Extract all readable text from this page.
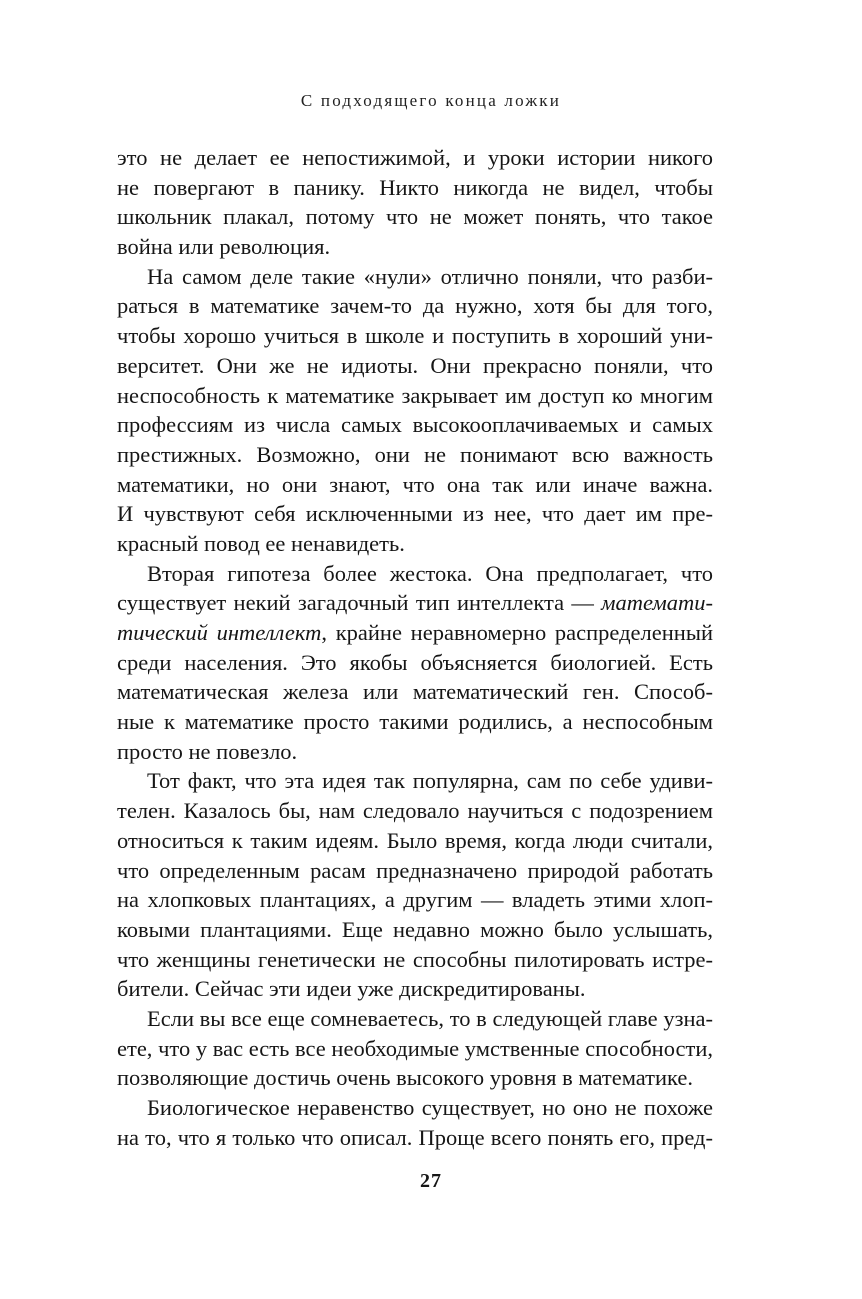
С подходящего конца ложки

это не делает ее непостижимой, и уроки истории никого
не повергают в панику. Никто никогда не видел, чтобы
школьник плакал, потому что не может понять, что такое
война или революция.

На самом деле такие «нули» отлично поняли, что разби-
раться в математике зачем-то да нужно, хотя бы для того,
чтобы хорошо учиться в школе и поступить в хороший уни-
верситет. Они же не идиоты. Они прекрасно поняли, что
неспособность к математике закрывает им доступ ко многим
профессиям из числа самых высокооплачиваемых и самых
престижных. Возможно, они не понимают всю важность
математики, но они знают, что она так или иначе важна.
И чувствуют себя исключенными из нее, что дает им пре-
красный повод ее ненавидеть.

Вторая гипотеза более жестока. Она предполагает, что
существует некий загадочный тип интеллекта — математи-
тический интеллект, крайне неравномерно распределенный
среди населения. Это якобы объясняется биологией. Есть
математическая железа или математический ген. Способ-
ные к математике просто такими родились, а неспособным
просто не повезло.

Тот факт, что эта идея так популярна, сам по себе удиви-
телен. Казалось бы, нам следовало научиться с подозрением
относиться к таким идеям. Было время, когда люди считали,
что определенным расам предназначено природой работать
на хлопковых плантациях, а другим — владеть этими хлоп-
ковыми плантациями. Еще недавно можно было услышать,
что женщины генетически не способны пилотировать истре-
бители. Сейчас эти идеи уже дискредитированы.

Если вы все еще сомневаетесь, то в следующей главе узна-
ете, что у вас есть все необходимые умственные способности,
позволяющие достичь очень высокого уровня в математике.

Биологическое неравенство существует, но оно не похоже
на то, что я только что описал. Проще всего понять его, пред-

27
